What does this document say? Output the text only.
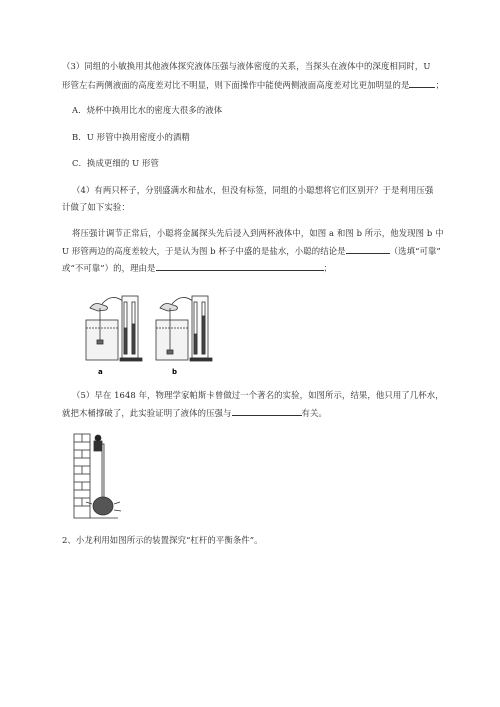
（3）同组的小敏换用其他液体探究液体压强与液体密度的关系，当探头在液体中的深度相同时，U
形管左右两侧液面的高度差对比不明显，则下面操作中能使两侧液面高度差对比更加明显的是	；
A．烧杯中换用比水的密度大很多的液体
B．U 形管中换用密度小的酒精
C．换成更细的 U 形管
（4）有两只杯子，分别盛满水和盐水，但没有标签，同组的小聪想将它们区别开？于是利用压强
计做了如下实验：
将压强计调节正常后，小聪将金属探头先后浸入到两杯液体中，如图 a 和图 b 所示，他发现图 b 中
U 形管两边的高度差较大，于是认为图 b 杯子中盛的是盐水，小聪的结论是	（选填“可靠”
或“不可靠”）的，理由是	；
a	b
（5）早在 1648 年，物理学家帕斯卡曾做过一个著名的实验，如图所示，结果，他只用了几杯水，
就把木桶撑破了，此实验证明了液体的压强与	有关。
2、小龙利用如图所示的装置探究“杠杆的平衡条件”。
